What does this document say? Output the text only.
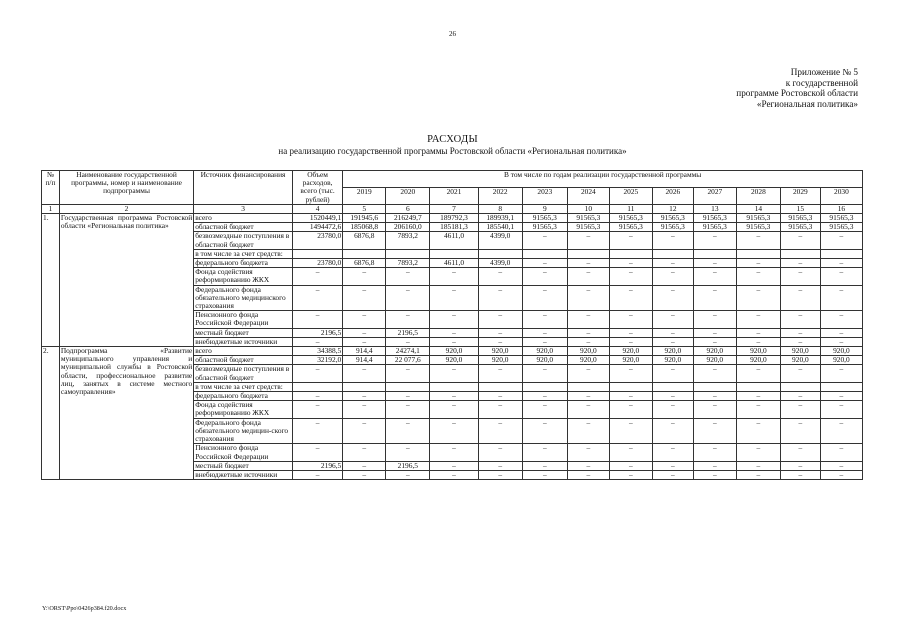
26
Приложение № 5
к государственной
программе Ростовской области
«Региональная политика»
РАСХОДЫ
на реализацию государственной программы Ростовской области «Региональная политика»
№ п/п	Наименование государственной программы, номер и наименование подпрограммы	Источник финансирования	Объем расходов, всего (тыс. рублей)	В том числе по годам реализации государственной программы											
				2019	2020	2021	2022	2023	2024	2025	2026	2027	2028	2029	2030
1	2	3	4	5	6	7	8	9	10	11	12	13	14	15	16
1.	Государственная программа Ростовской области «Региональная политика»	всего	1520449,1	191945,6	216249,7	189792,3	189939,1	91565,3	91565,3	91565,3	91565,3	91565,3	91565,3	91565,3	91565,3
		областной бюджет	1494472,6	185068,8	206160,0	185181,3	185540,1	91565,3	91565,3	91565,3	91565,3	91565,3	91565,3	91565,3	91565,3
		безвозмездные поступления в областной бюджет	23780,0	6876,8	7893,2	4611,0	4399,0	–	–	–	–	–	–	–	–
		в том числе за счет средств:													
		федерального бюджета	23780,0	6876,8	7893,2	4611,0	4399,0	–	–	–	–	–	–	–	–
		Фонда содействия реформированию ЖКХ	–	–	–	–	–	–	–	–	–	–	–	–	–
		Федерального фонда обязательного медицинского страхования	–	–	–	–	–	–	–	–	–	–	–	–	–
		Пенсионного фонда Российской Федерации	–	–	–	–	–	–	–	–	–	–	–	–	–
		местный бюджет	2196,5	–	2196,5	–	–	–	–	–	–	–	–	–	–
		внебюджетные источники	–	–	–	–	–	–	–	–	–	–	–	–	–
2.	Подпрограмма «Развитие муниципального управления и муниципальной службы в Ростовской области, профессиональное развитие лиц, занятых в системе местного самоуправления»	всего	34388,5	914,4	24274,1	920,0	920,0	920,0	920,0	920,0	920,0	920,0	920,0	920,0	920,0
		областной бюджет	32192,0	914,4	22 077,6	920,0	920,0	920,0	920,0	920,0	920,0	920,0	920,0	920,0	920,0
		безвозмездные поступления в областной бюджет	–	–	–	–	–	–	–	–	–	–	–	–	–
		в том числе за счет средств:													
		федерального бюджета	–	–	–	–	–	–	–	–	–	–	–	–	–
		Фонда содействия реформированию ЖКХ	–	–	–	–	–	–	–	–	–	–	–	–	–
		Федерального фонда обязательного медицин-ского страхования	–	–	–	–	–	–	–	–	–	–	–	–	–
		Пенсионного фонда Российской Федерации	–	–	–	–	–	–	–	–	–	–	–	–	–
		местный бюджет	2196,5	–	2196,5	–	–	–	–	–	–	–	–	–	–
		внебюджетные источники	–	–	–	–	–	–	–	–	–	–	–	–	–
Y:\ORST\Ppo\0426p384.f20.docx
